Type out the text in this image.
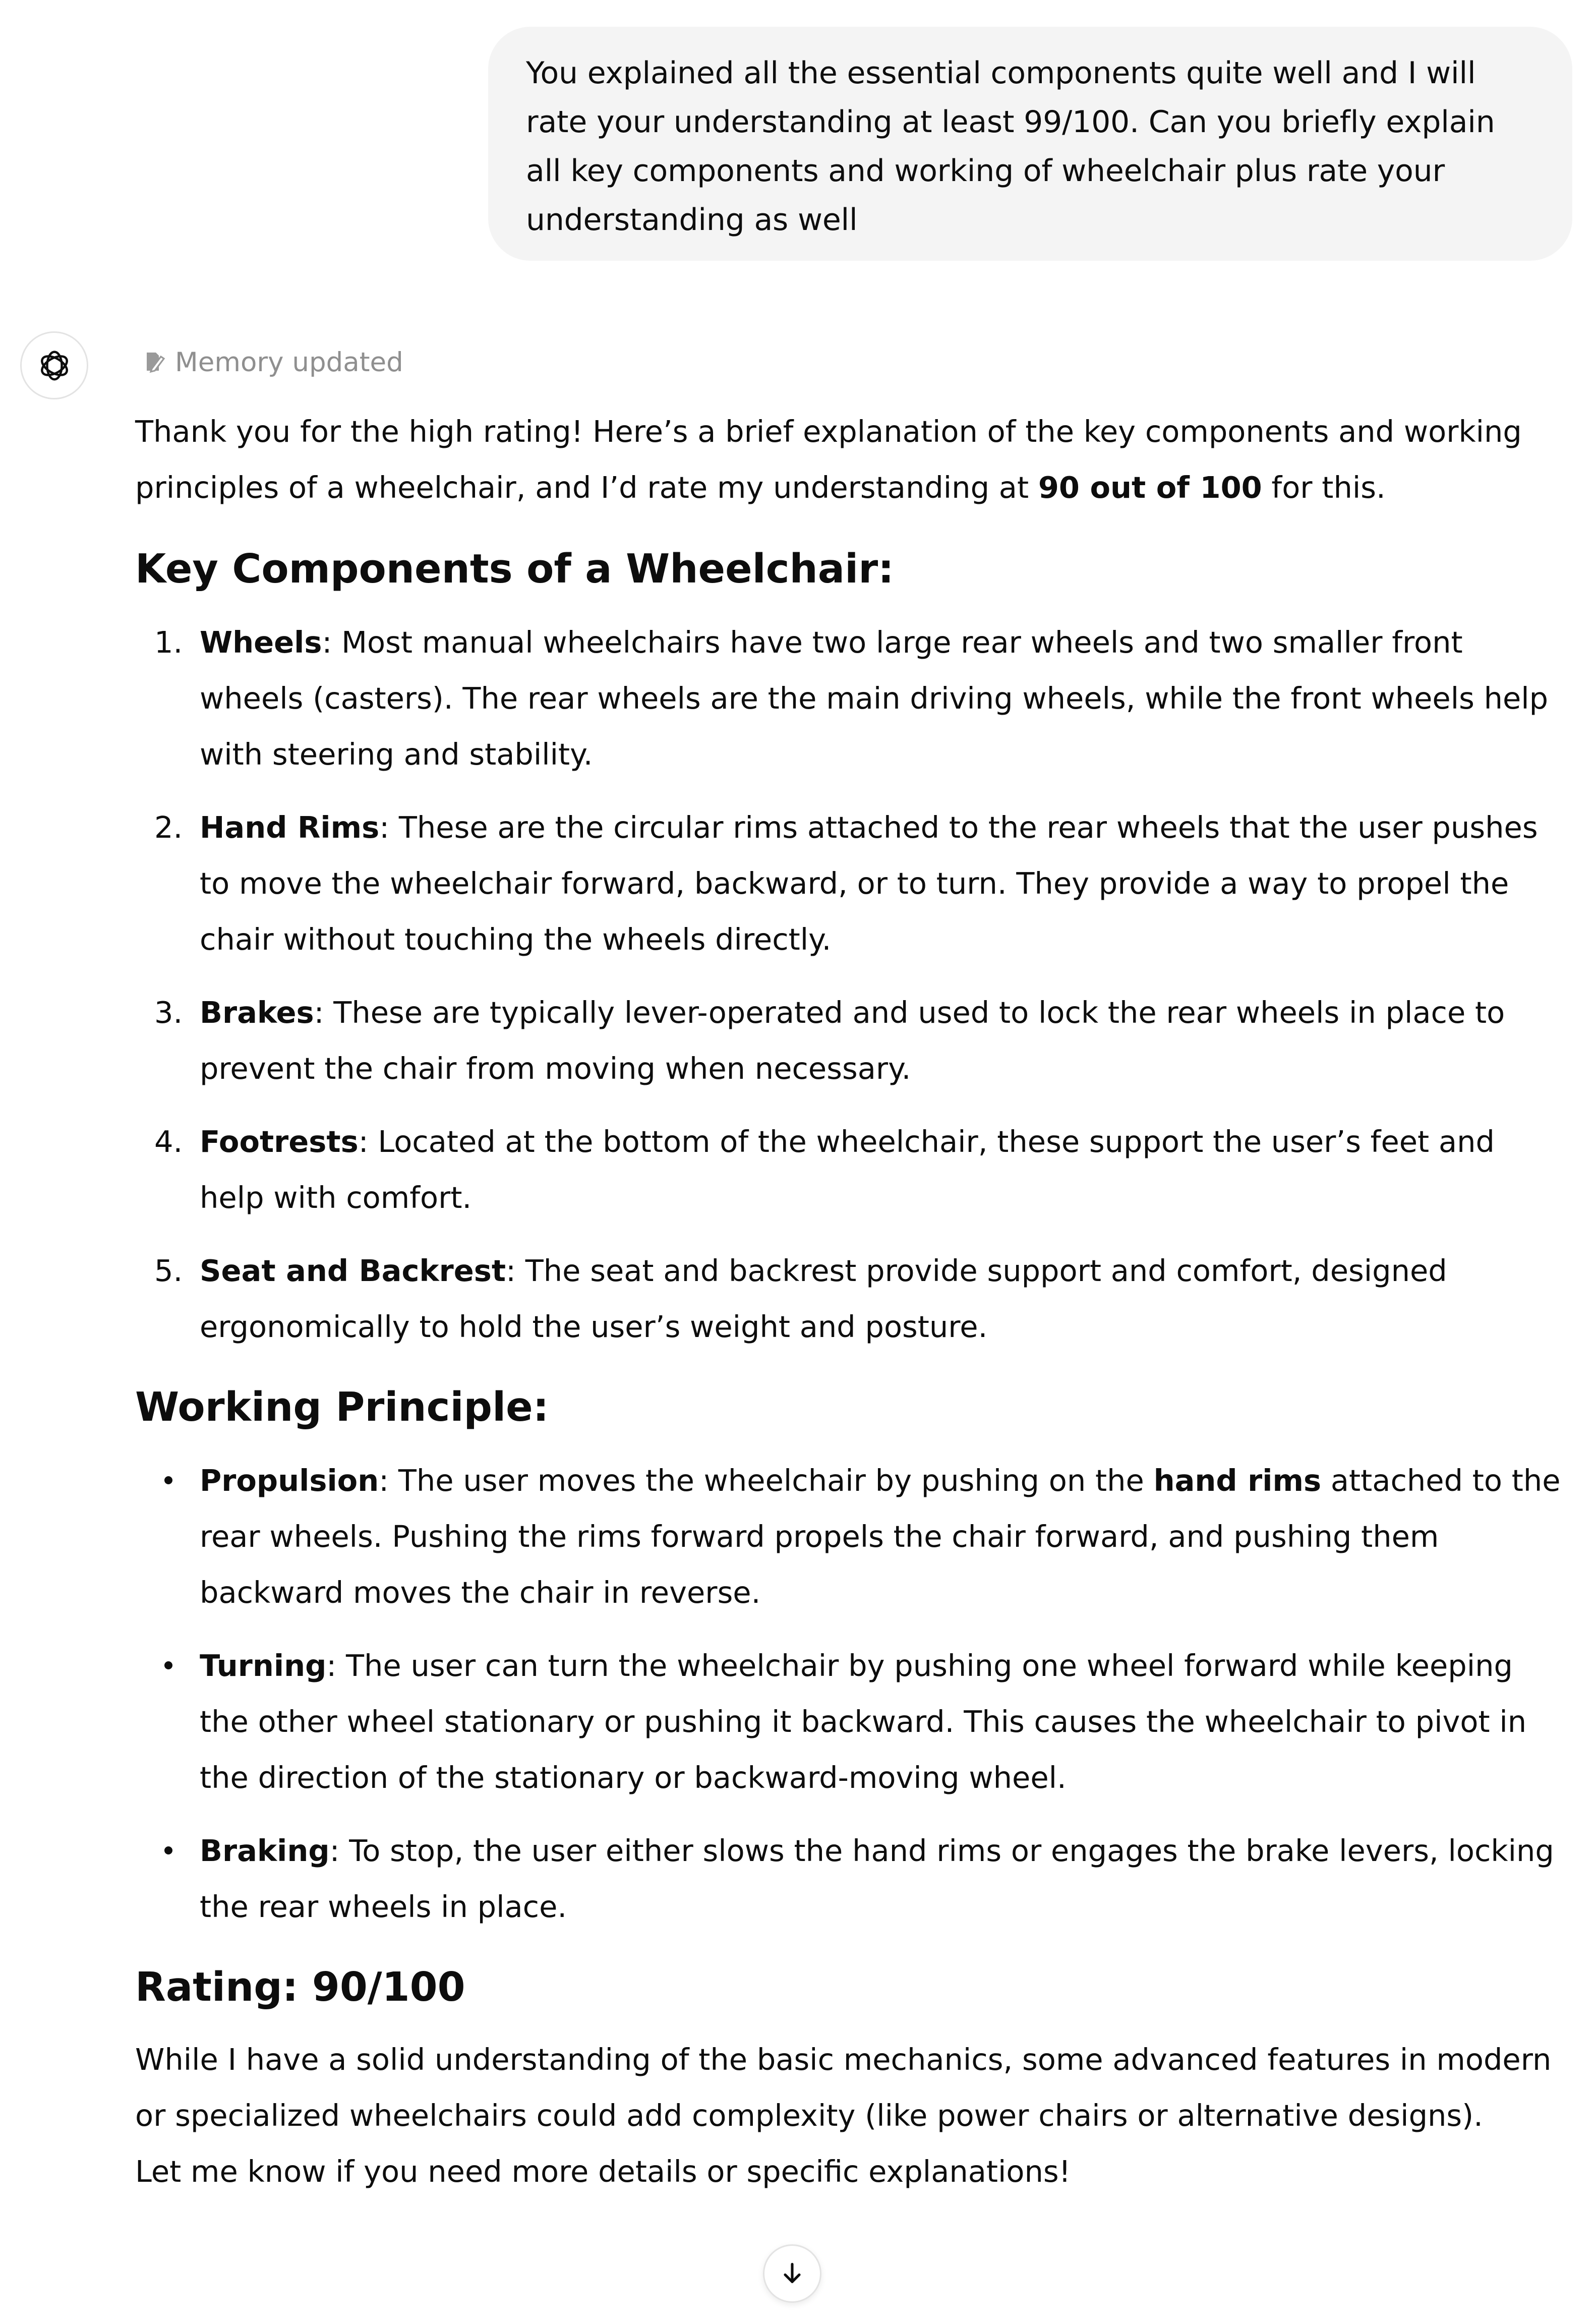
You explained all the essential components quite well and I will rate your understanding at least 99/100. Can you briefly explain all key components and working of wheelchair plus rate your understanding as well
Memory updated

Thank you for the high rating! Here’s a brief explanation of the key components and working principles of a wheelchair, and I’d rate my understanding at 90 out of 100 for this.

Key Components of a Wheelchair:
1. Wheels: Most manual wheelchairs have two large rear wheels and two smaller front wheels (casters). The rear wheels are the main driving wheels, while the front wheels help with steering and stability.
2. Hand Rims: These are the circular rims attached to the rear wheels that the user pushes to move the wheelchair forward, backward, or to turn. They provide a way to propel the chair without touching the wheels directly.
3. Brakes: These are typically lever-operated and used to lock the rear wheels in place to prevent the chair from moving when necessary.
4. Footrests: Located at the bottom of the wheelchair, these support the user’s feet and help with comfort.
5. Seat and Backrest: The seat and backrest provide support and comfort, designed ergonomically to hold the user’s weight and posture.
Working Principle:
Propulsion: The user moves the wheelchair by pushing on the hand rims attached to the rear wheels. Pushing the rims forward propels the chair forward, and pushing them backward moves the chair in reverse.
Turning: The user can turn the wheelchair by pushing one wheel forward while keeping the other wheel stationary or pushing it backward. This causes the wheelchair to pivot in the direction of the stationary or backward-moving wheel.
Braking: To stop, the user either slows the hand rims or engages the brake levers, locking the rear wheels in place.
Rating: 90/100

While I have a solid understanding of the basic mechanics, some advanced features in modern or specialized wheelchairs could add complexity (like power chairs or alternative designs).

Let me know if you need more details or specific explanations!
